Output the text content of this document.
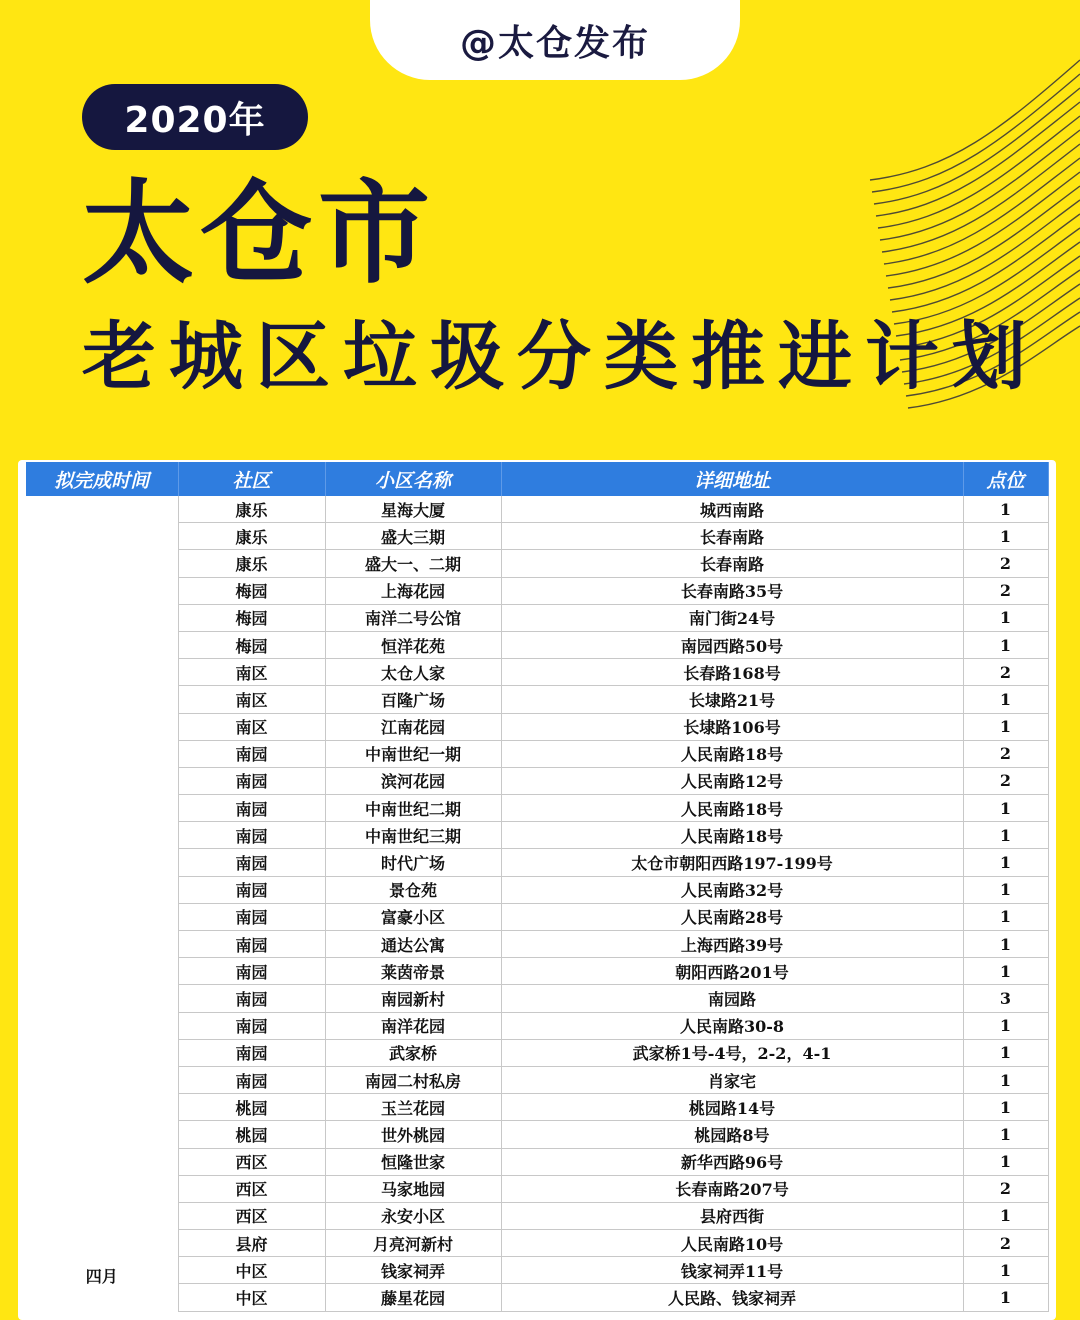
@太仓发布
2020年
太仓市
老城区垃圾分类推进计划
拟完成时间	社区	小区名称	详细地址	点位
四月	康乐	星海大厦	城西南路	1
	康乐	盛大三期	长春南路	1
	康乐	盛大一、二期	长春南路	2
	梅园	上海花园	长春南路35号	2
	梅园	南洋二号公馆	南门街24号	1
	梅园	恒洋花苑	南园西路50号	1
	南区	太仓人家	长春路168号	2
	南区	百隆广场	长埭路21号	1
	南区	江南花园	长埭路106号	1
	南园	中南世纪一期	人民南路18号	2
	南园	滨河花园	人民南路12号	2
	南园	中南世纪二期	人民南路18号	1
	南园	中南世纪三期	人民南路18号	1
	南园	时代广场	太仓市朝阳西路197-199号	1
	南园	景仓苑	人民南路32号	1
	南园	富豪小区	人民南路28号	1
	南园	通达公寓	上海西路39号	1
	南园	莱茵帝景	朝阳西路201号	1
	南园	南园新村	南园路	3
	南园	南洋花园	人民南路30-8	1
	南园	武家桥	武家桥1号-4号，2-2，4-1	1
	南园	南园二村私房	肖家宅	1
	桃园	玉兰花园	桃园路14号	1
	桃园	世外桃园	桃园路8号	1
	西区	恒隆世家	新华西路96号	1
	西区	马家地园	长春南路207号	2
	西区	永安小区	县府西街	1
	县府	月亮河新村	人民南路10号	2
	中区	钱家祠弄	钱家祠弄11号	1
	中区	藤星花园	人民路、钱家祠弄	1
